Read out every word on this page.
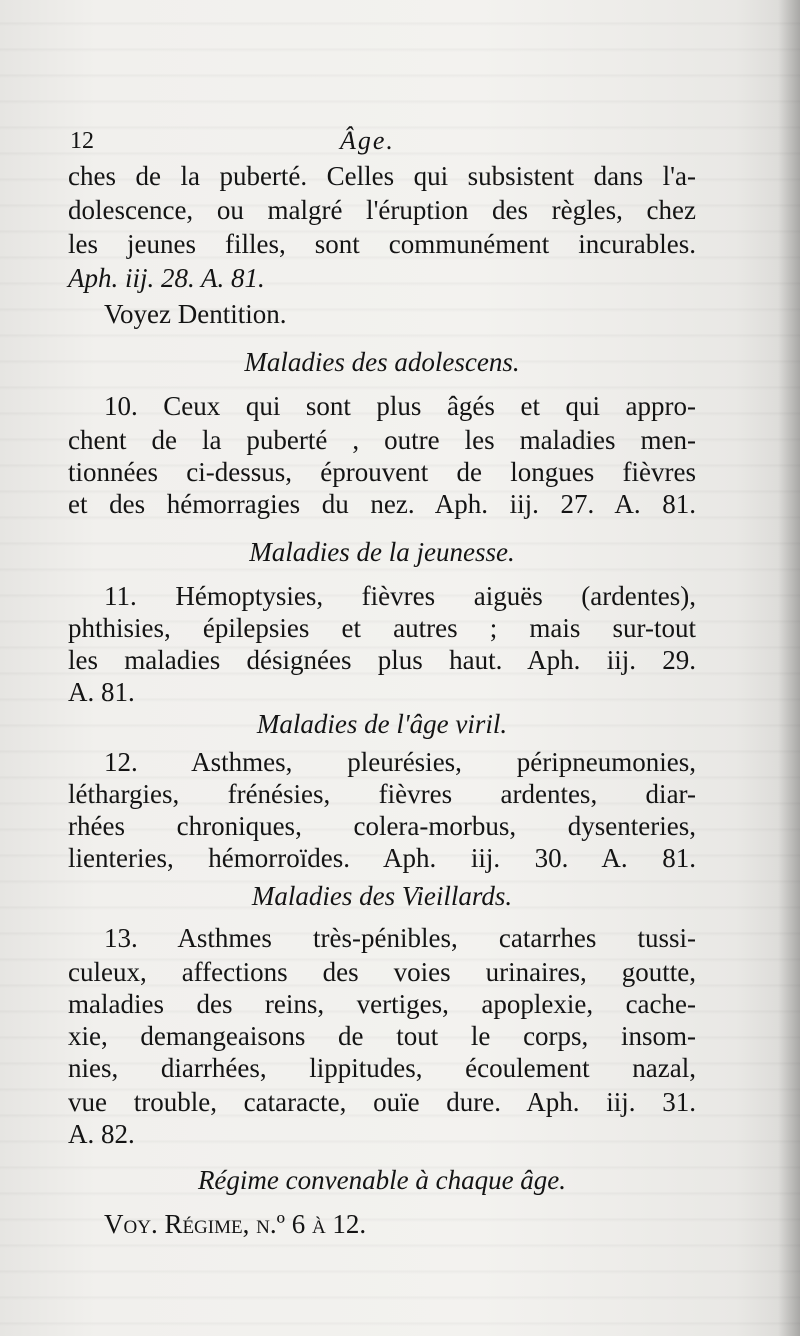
12	Âge.
ches de la puberté. Celles qui subsistent dans l'a-
dolescence, ou malgré l'éruption des règles, chez
les jeunes filles, sont communément incurables.
Aph. iij. 28. A. 81.
Voyez Dentition.
Maladies des adolescens.
10. Ceux qui sont plus âgés et qui appro-
chent de la puberté , outre les maladies men-
tionnées ci-dessus, éprouvent de longues fièvres
et des hémorragies du nez. Aph. iij. 27. A. 81.
Maladies de la jeunesse.
11. Hémoptysies, fièvres aiguës (ardentes),
phthisies, épilepsies et autres ; mais sur-tout
les maladies désignées plus haut. Aph. iij. 29.
A. 81.
Maladies de l'âge viril.
12. Asthmes, pleurésies, péripneumonies,
léthargies, frénésies, fièvres ardentes, diar-
rhées chroniques, colera-morbus, dysenteries,
lienteries, hémorroïdes. Aph. iij. 30. A. 81.
Maladies des Vieillards.
13. Asthmes très-pénibles, catarrhes tussi-
culeux, affections des voies urinaires, goutte,
maladies des reins, vertiges, apoplexie, cache-
xie, demangeaisons de tout le corps, insom-
nies, diarrhées, lippitudes, écoulement nazal,
vue trouble, cataracte, ouïe dure. Aph. iij. 31.
A. 82.
Régime convenable à chaque âge.
Voy. Régime, n.º 6 à 12.
